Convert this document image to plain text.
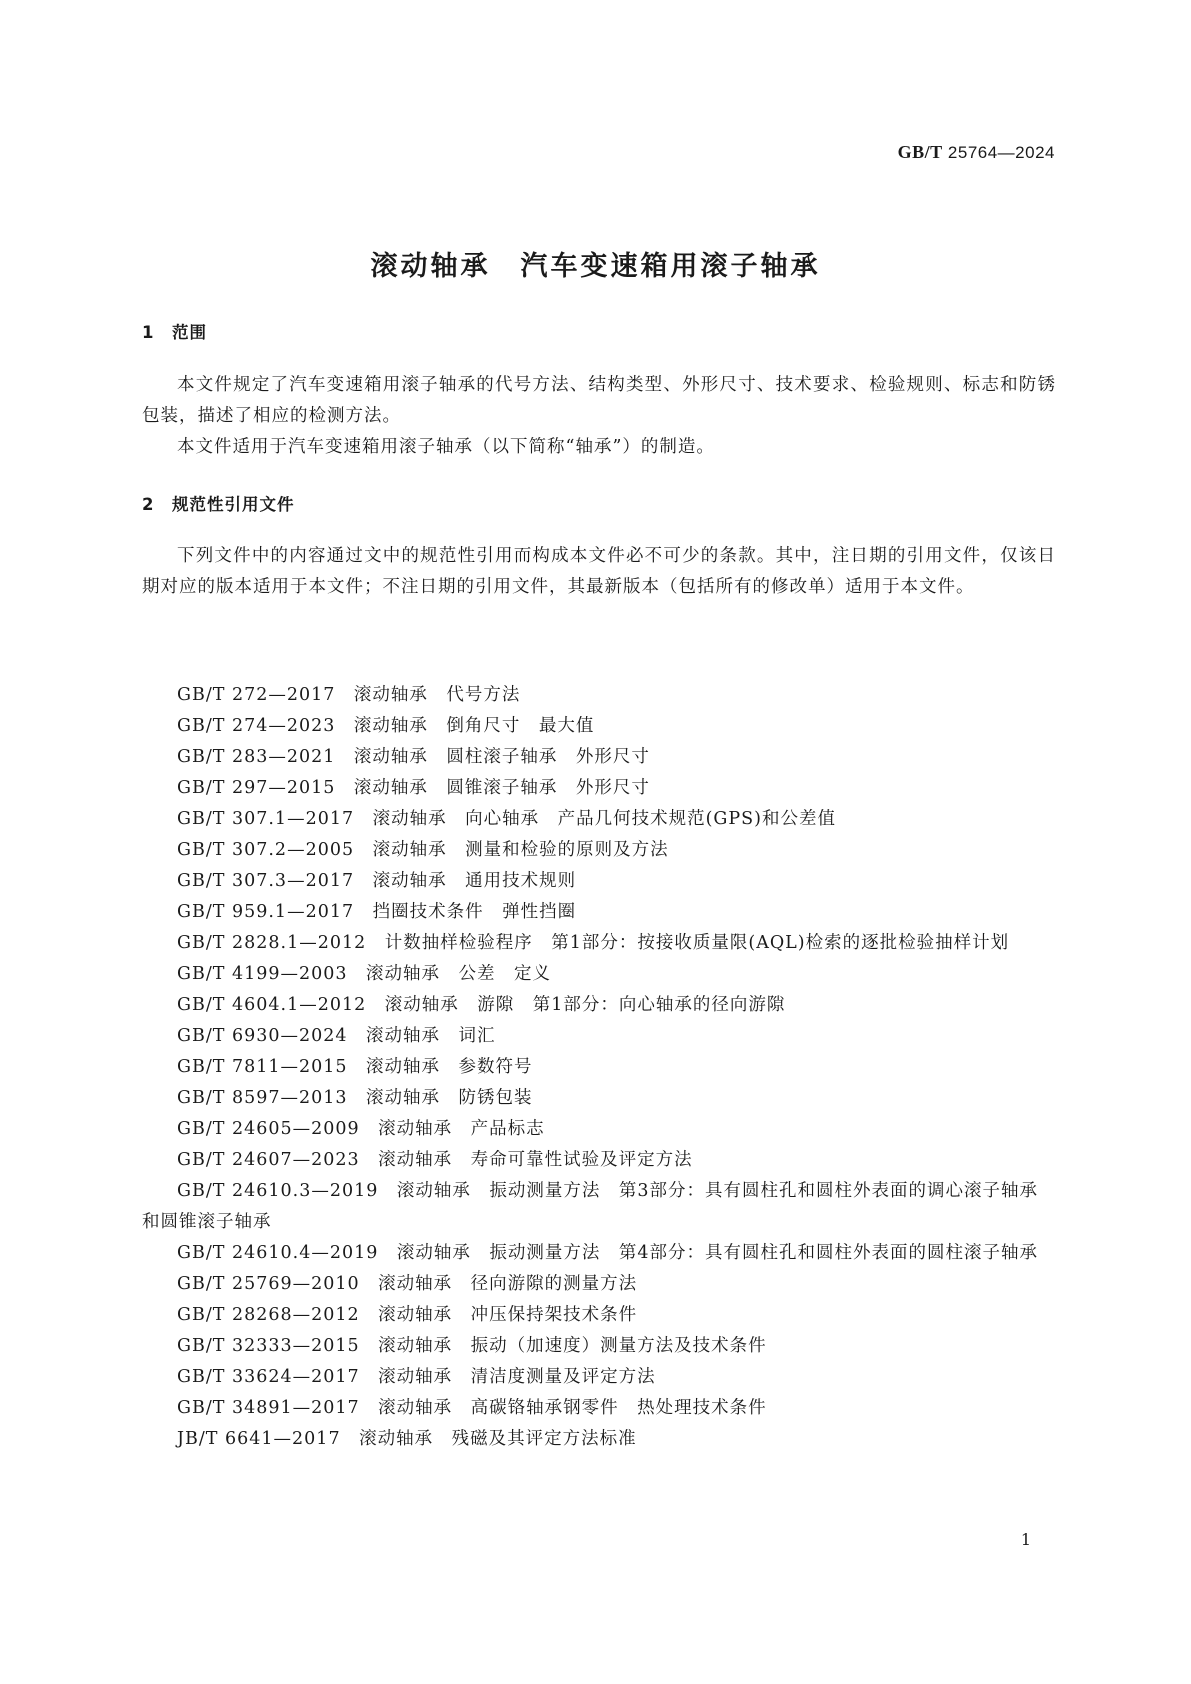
GB/T 25764—2024
滚动轴承　汽车变速箱用滚子轴承
1 范围
本文件规定了汽车变速箱用滚子轴承的代号方法、结构类型、外形尺寸、技术要求、检验规则、标志和防锈包装，描述了相应的检测方法。
本文件适用于汽车变速箱用滚子轴承（以下简称“轴承”）的制造。
2 规范性引用文件
下列文件中的内容通过文中的规范性引用而构成本文件必不可少的条款。其中，注日期的引用文件，仅该日期对应的版本适用于本文件；不注日期的引用文件，其最新版本（包括所有的修改单）适用于本文件。
GB/T 272—2017　滚动轴承　代号方法
GB/T 274—2023　滚动轴承　倒角尺寸　最大值
GB/T 283—2021　滚动轴承　圆柱滚子轴承　外形尺寸
GB/T 297—2015　滚动轴承　圆锥滚子轴承　外形尺寸
GB/T 307.1—2017　滚动轴承　向心轴承　产品几何技术规范(GPS)和公差值
GB/T 307.2—2005　滚动轴承　测量和检验的原则及方法
GB/T 307.3—2017　滚动轴承　通用技术规则
GB/T 959.1—2017　挡圈技术条件　弹性挡圈
GB/T 2828.1—2012　计数抽样检验程序　第1部分：按接收质量限(AQL)检索的逐批检验抽样计划
GB/T 4199—2003　滚动轴承　公差　定义
GB/T 4604.1—2012　滚动轴承　游隙　第1部分：向心轴承的径向游隙
GB/T 6930—2024　滚动轴承　词汇
GB/T 7811—2015　滚动轴承　参数符号
GB/T 8597—2013　滚动轴承　防锈包装
GB/T 24605—2009　滚动轴承　产品标志
GB/T 24607—2023　滚动轴承　寿命可靠性试验及评定方法
GB/T 24610.3—2019　滚动轴承　振动测量方法　第3部分：具有圆柱孔和圆柱外表面的调心滚子轴承和圆锥滚子轴承
GB/T 24610.4—2019　滚动轴承　振动测量方法　第4部分：具有圆柱孔和圆柱外表面的圆柱滚子轴承
GB/T 25769—2010　滚动轴承　径向游隙的测量方法
GB/T 28268—2012　滚动轴承　冲压保持架技术条件
GB/T 32333—2015　滚动轴承　振动（加速度）测量方法及技术条件
GB/T 33624—2017　滚动轴承　清洁度测量及评定方法
GB/T 34891—2017　滚动轴承　高碳铬轴承钢零件　热处理技术条件
JB/T 6641—2017　滚动轴承　残磁及其评定方法标准
1
